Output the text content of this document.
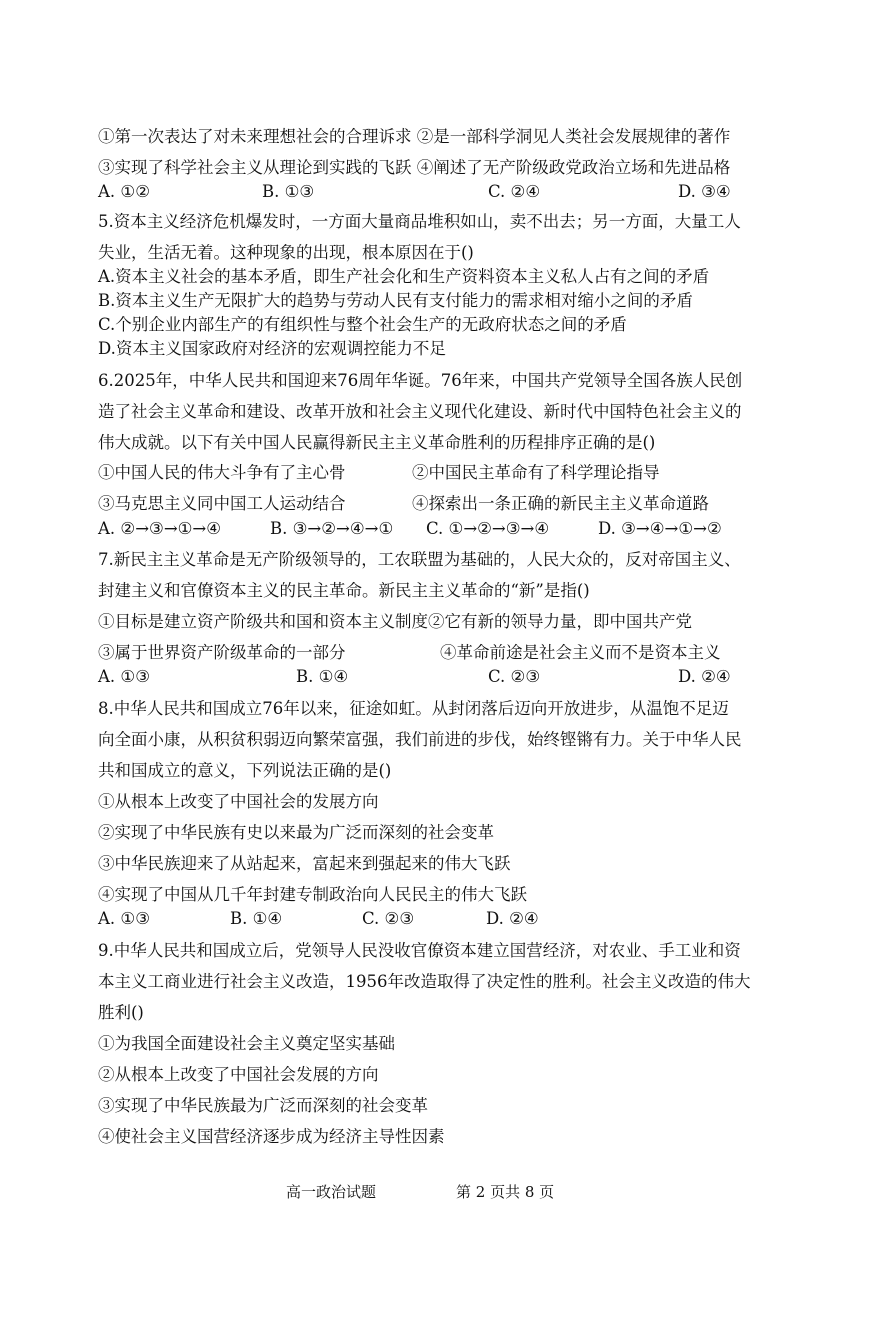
①第一次表达了对未来理想社会的合理诉求 ②是一部科学洞见人类社会发展规律的著作
③实现了科学社会主义从理论到实践的飞跃 ④阐述了无产阶级政党政治立场和先进品格
A. ①②	B. ①③	C. ②④	D. ③④
5.资本主义经济危机爆发时，一方面大量商品堆积如山，卖不出去；另一方面，大量工人
失业，生活无着。这种现象的出现，根本原因在于()
A.资本主义社会的基本矛盾，即生产社会化和生产资料资本主义私人占有之间的矛盾
B.资本主义生产无限扩大的趋势与劳动人民有支付能力的需求相对缩小之间的矛盾
C.个别企业内部生产的有组织性与整个社会生产的无政府状态之间的矛盾
D.资本主义国家政府对经济的宏观调控能力不足
6.2025年，中华人民共和国迎来76周年华诞。76年来，中国共产党领导全国各族人民创
造了社会主义革命和建设、改革开放和社会主义现代化建设、新时代中国特色社会主义的
伟大成就。以下有关中国人民赢得新民主主义革命胜利的历程排序正确的是()
①中国人民的伟大斗争有了主心骨	②中国民主革命有了科学理论指导
③马克思主义同中国工人运动结合	④探索出一条正确的新民主主义革命道路
A. ②→③→①→④	B. ③→②→④→① C. ①→②→③→④	D. ③→④→①→②
7.新民主主义革命是无产阶级领导的，工农联盟为基础的，人民大众的，反对帝国主义、
封建主义和官僚资本主义的民主革命。新民主主义革命的“新”是指()
①目标是建立资产阶级共和国和资本主义制度②它有新的领导力量，即中国共产党
③属于世界资产阶级革命的一部分	④革命前途是社会主义而不是资本主义
A. ①③	B. ①④	C. ②③	D. ②④
8.中华人民共和国成立76年以来，征途如虹。从封闭落后迈向开放进步，从温饱不足迈
向全面小康，从积贫积弱迈向繁荣富强，我们前进的步伐，始终铿锵有力。关于中华人民
共和国成立的意义，下列说法正确的是()
①从根本上改变了中国社会的发展方向
②实现了中华民族有史以来最为广泛而深刻的社会变革
③中华民族迎来了从站起来，富起来到强起来的伟大飞跃
④实现了中国从几千年封建专制政治向人民民主的伟大飞跃
A. ①③	B. ①④	C. ②③	D. ②④
9.中华人民共和国成立后，党领导人民没收官僚资本建立国营经济，对农业、手工业和资
本主义工商业进行社会主义改造，1956年改造取得了决定性的胜利。社会主义改造的伟大
胜利()
①为我国全面建设社会主义奠定坚实基础
②从根本上改变了中国社会发展的方向
③实现了中华民族最为广泛而深刻的社会变革
④使社会主义国营经济逐步成为经济主导性因素
高一政治试题	第 2 页共 8 页
